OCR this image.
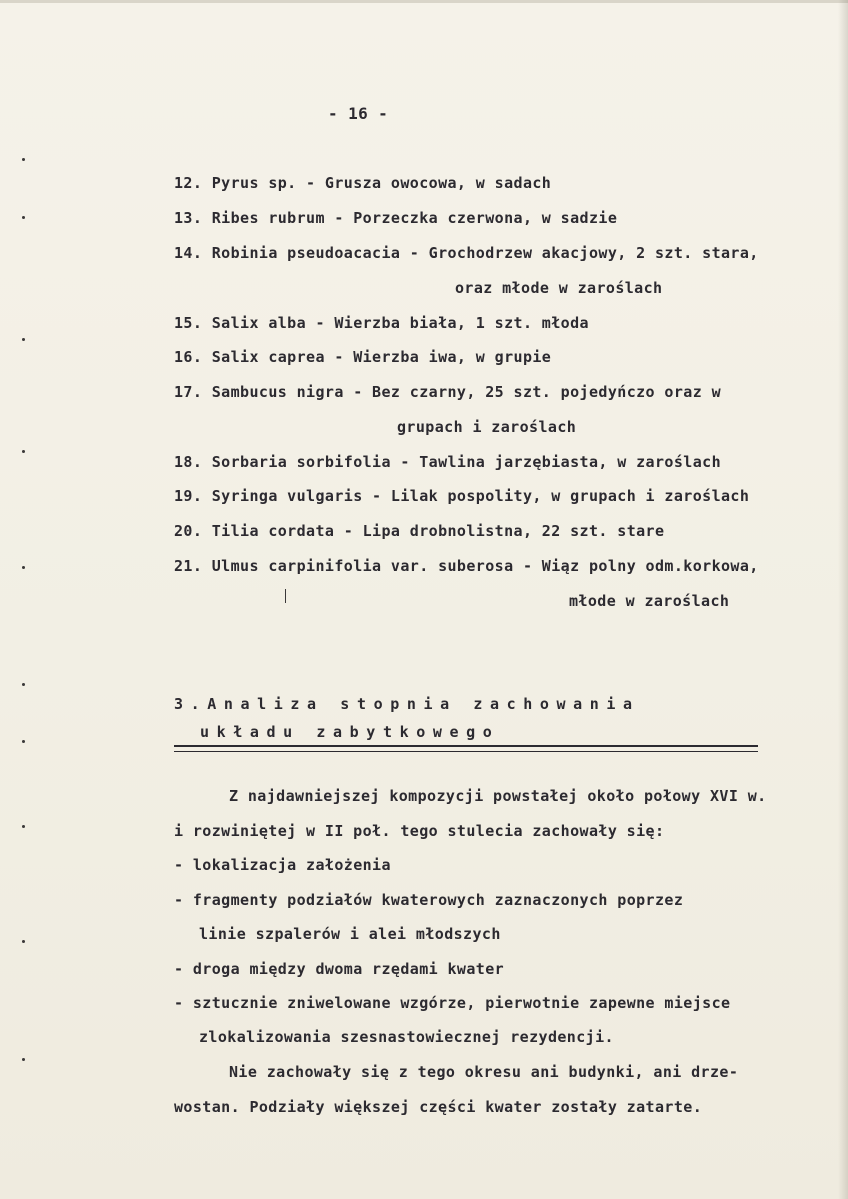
- 16 -
12. Pyrus sp. - Grusza owocowa, w sadach
13. Ribes rubrum - Porzeczka czerwona, w sadzie
14. Robinia pseudoacacia - Grochodrzew akacjowy, 2 szt. stara,
oraz młode w zaroślach
15. Salix alba - Wierzba biała, 1 szt. młoda
16. Salix caprea - Wierzba iwa, w grupie
17. Sambucus nigra - Bez czarny, 25 szt. pojedyńczo oraz w
grupach i zaroślach
18. Sorbaria sorbifolia - Tawlina jarzębiasta, w zaroślach
19. Syringa vulgaris - Lilak pospolity, w grupach i zaroślach
20. Tilia cordata - Lipa drobnolistna, 22 szt. stare
21. Ulmus carpinifolia var. suberosa - Wiąz polny odm.korkowa,
młode w zaroślach
3.Analiza stopnia zachowania
układu zabytkowego
Z najdawniejszej kompozycji powstałej około połowy XVI w.
i rozwiniętej w II poł. tego stulecia zachowały się:
- lokalizacja założenia
- fragmenty podziałów kwaterowych zaznaczonych poprzez
linie szpalerów i alei młodszych
- droga między dwoma rzędami kwater
- sztucznie zniwelowane wzgórze, pierwotnie zapewne miejsce
zlokalizowania szesnastowiecznej rezydencji.
Nie zachowały się z tego okresu ani budynki, ani drze-
wostan. Podziały większej części kwater zostały zatarte.
